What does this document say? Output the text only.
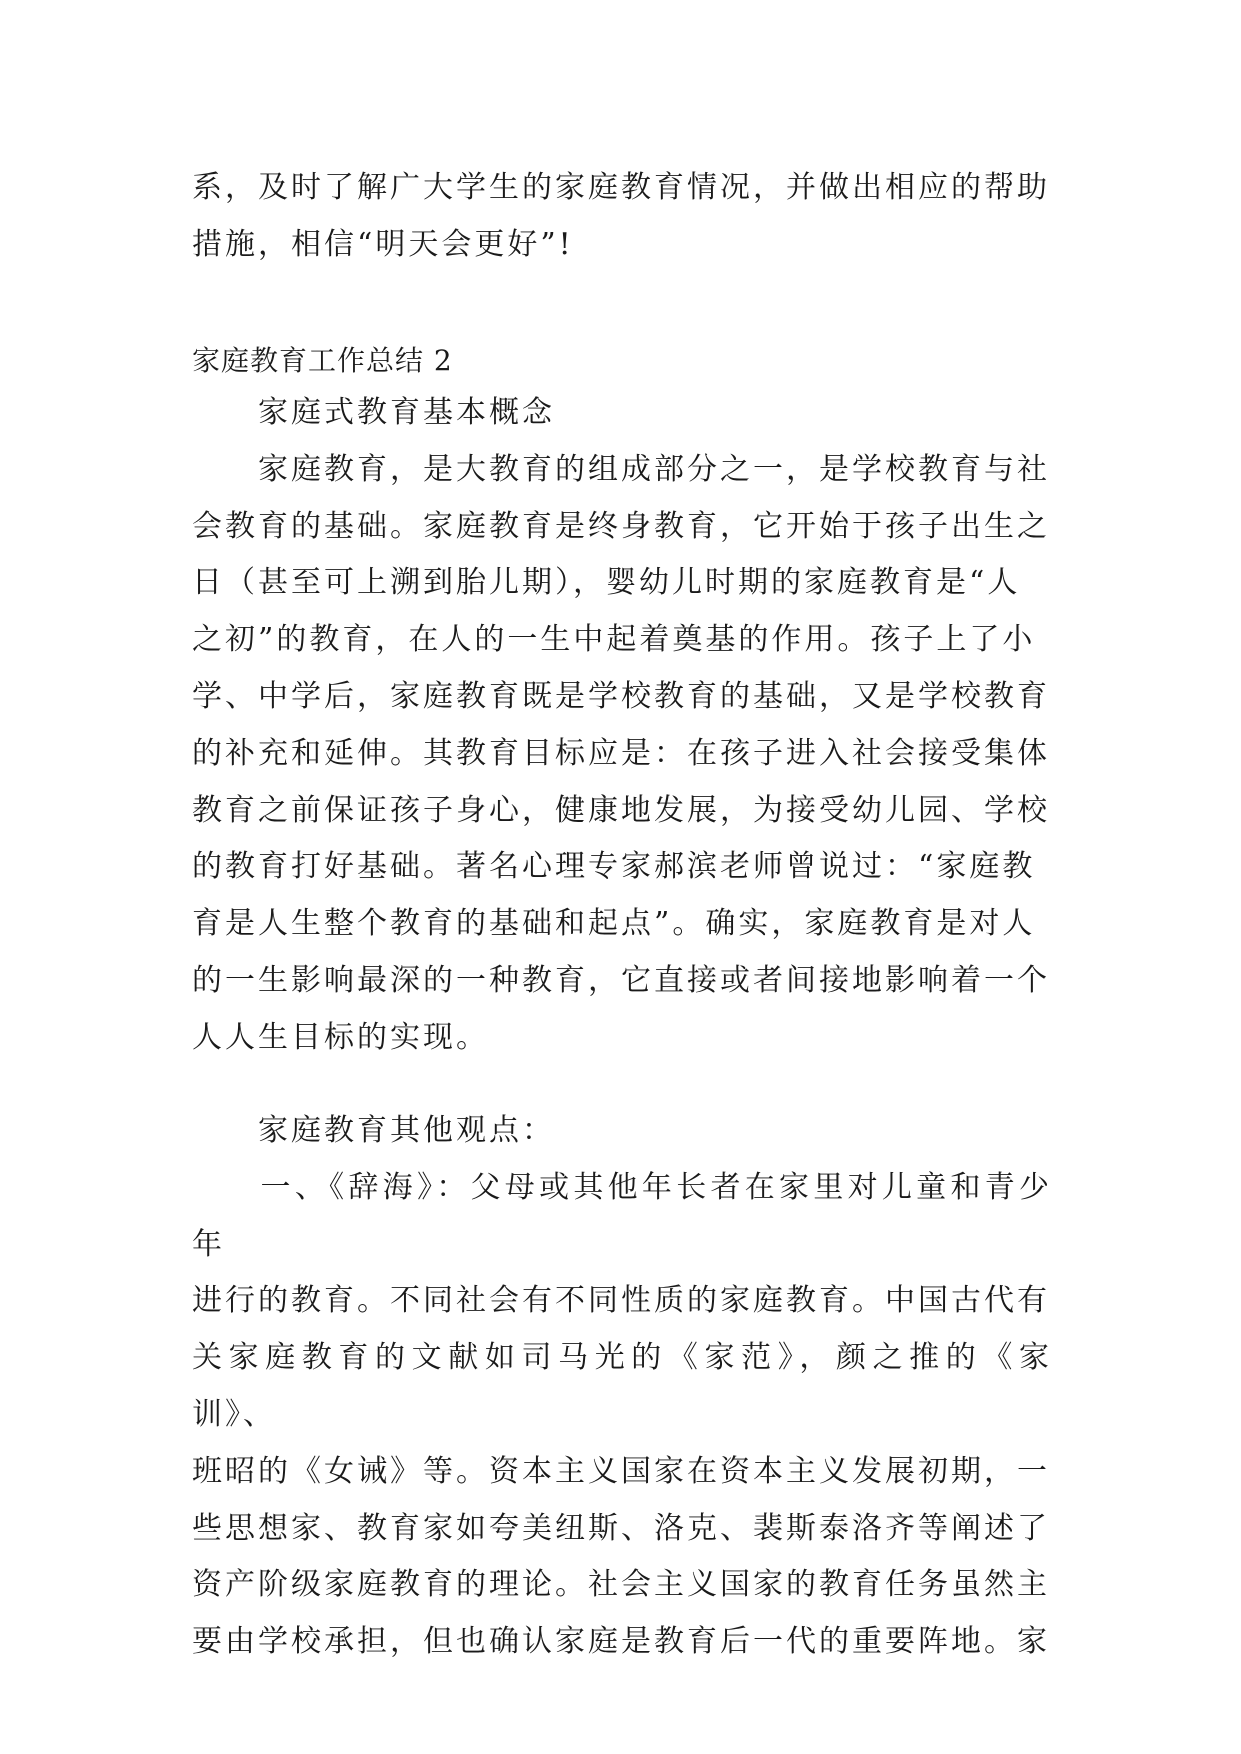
系，及时了解广大学生的家庭教育情况，并做出相应的帮助
措施，相信“明天会更好”!
家庭教育工作总结 2
　　家庭式教育基本概念
　　家庭教育，是大教育的组成部分之一，是学校教育与社
会教育的基础。家庭教育是终身教育，它开始于孩子出生之
日（甚至可上溯到胎儿期），婴幼儿时期的家庭教育是“人
之初”的教育，在人的一生中起着奠基的作用。孩子上了小
学、中学后，家庭教育既是学校教育的基础，又是学校教育
的补充和延伸。其教育目标应是：在孩子进入社会接受集体
教育之前保证孩子身心，健康地发展，为接受幼儿园、学校
的教育打好基础。著名心理专家郝滨老师曾说过：“家庭教
育是人生整个教育的基础和起点”。确实，家庭教育是对人
的一生影响最深的一种教育，它直接或者间接地影响着一个
人人生目标的实现。
　　家庭教育其他观点：
　　一、《辞海》：父母或其他年长者在家里对儿童和青少年
进行的教育。不同社会有不同性质的家庭教育。中国古代有
关家庭教育的文献如司马光的《家范》，颜之推的《家训》、
班昭的《女诫》等。资本主义国家在资本主义发展初期，一
些思想家、教育家如夸美纽斯、洛克、裴斯泰洛齐等阐述了
资产阶级家庭教育的理论。社会主义国家的教育任务虽然主
要由学校承担，但也确认家庭是教育后一代的重要阵地。家
